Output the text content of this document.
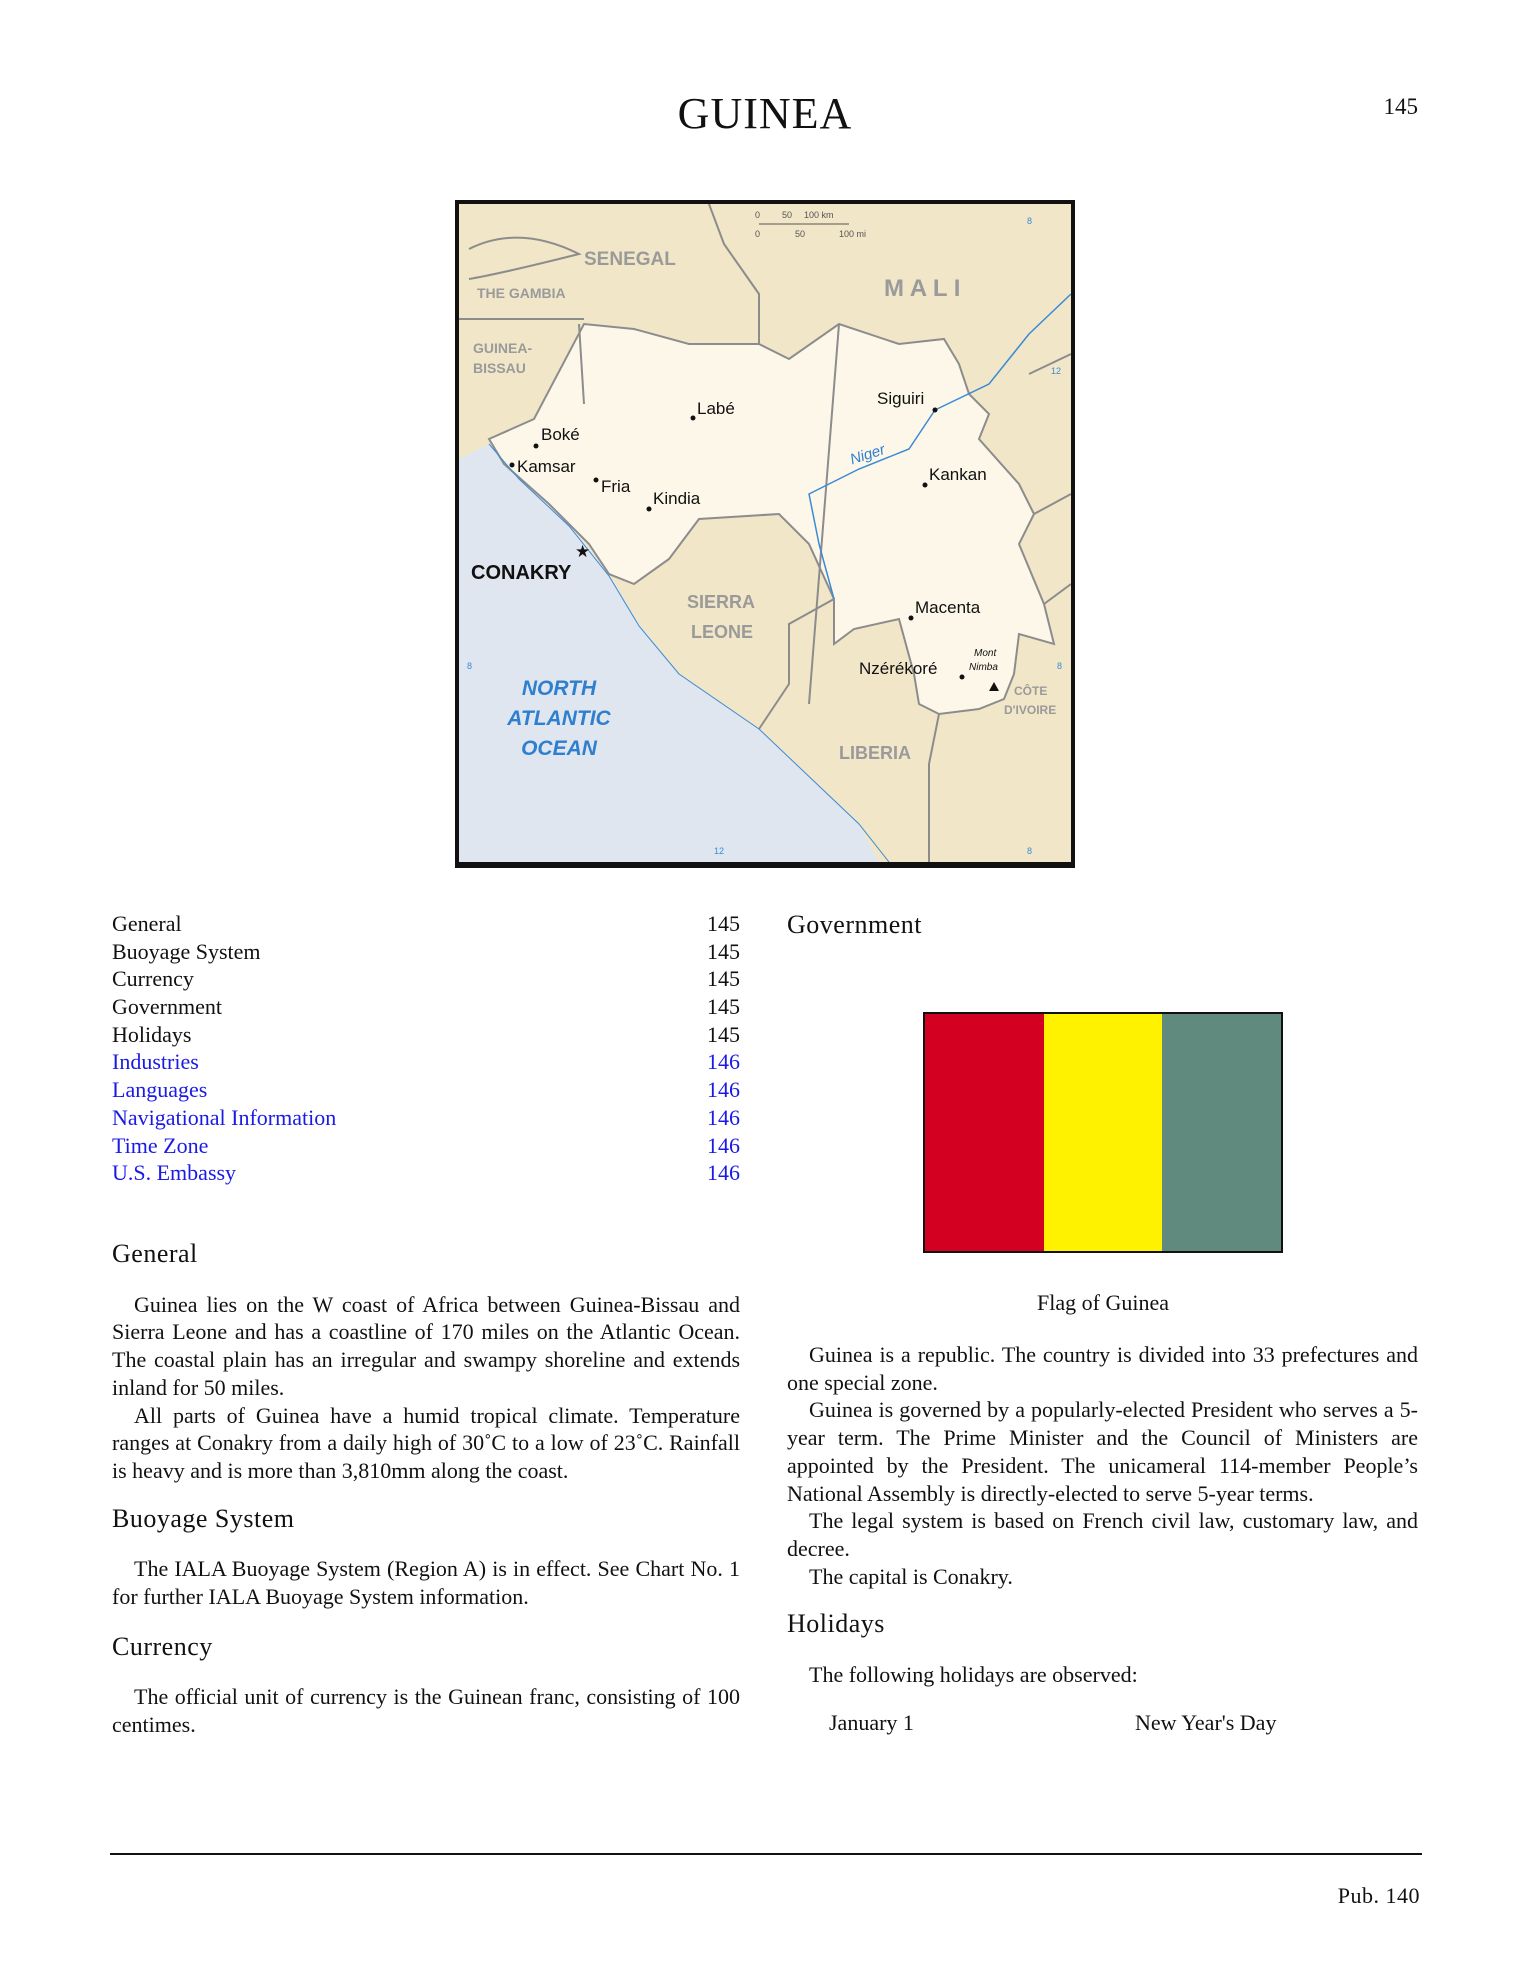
GUINEA	145
0 50 100 km
0	50	100 mi
8
12
8	8
12	8
SENEGAL
THE GAMBIA	M A L I
GUINEA-
BISSAU
SIERRA
LEONE
CÔTE
D'IVOIRE
LIBERIA
NORTH
ATLANTIC
OCEAN
Niger
Labé
Siguiri
Boké
Kamsar
Fria
Kindia
Kankan
★
CONAKRY
Macenta
Nzérékoré
Mont
Nimba
General	145
Buoyage System	145
Currency	145
Government	145
Holidays	145
Industries	146
Languages	146
Navigational Information	146
Time Zone	146
U.S. Embassy	146
General

Guinea lies on the W coast of Africa between Guinea-Bissau and Sierra Leone and has a coastline of 170 miles on the Atlantic Ocean. The coastal plain has an irregular and swampy shoreline and extends inland for 50 miles.

All parts of Guinea have a humid tropical climate. Temperature ranges at Conakry from a daily high of 30˚C to a low of 23˚C. Rainfall is heavy and is more than 3,810mm along the coast.

Buoyage System

The IALA Buoyage System (Region A) is in effect. See Chart No. 1 for further IALA Buoyage System information.

Currency

The official unit of currency is the Guinean franc, consisting of 100 centimes.

Government
Flag of Guinea

Guinea is a republic. The country is divided into 33 prefectures and one special zone.

Guinea is governed by a popularly-elected President who serves a 5-year term. The Prime Minister and the Council of Ministers are appointed by the President. The unicameral 114-member People’s National Assembly is directly-elected to serve 5-year terms.

The legal system is based on French civil law, customary law, and decree.

The capital is Conakry.

Holidays

The following holidays are observed:

January 1	New Year's Day
Pub. 140
